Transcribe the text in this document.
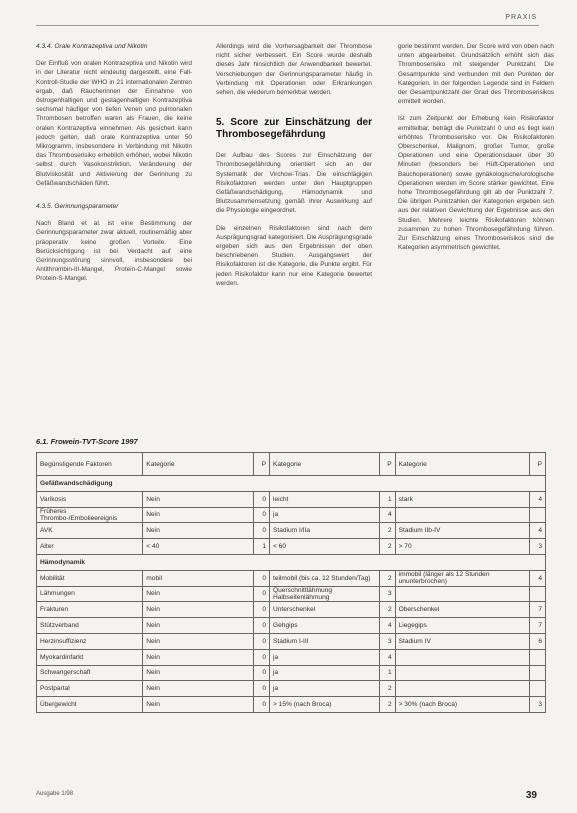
PRAXIS
4.3.4. Orale Kontrazeptiva und Nikotin

Der Einfluß von oralen Kontrazeptiva und Nikotin wird in der Literatur nicht eindeutig dargestellt, eine Fall-Kontroll-Studie der WHO in 21 internationalen Zentren ergab, daß Raucherinnen der Einnahme von östrogenhaltigen und gestagenhaltigen Kontrazeptiva sechsmal häufiger von tiefen Venen und pulmonalen Thrombosen betroffen waren als Frauen, die keine oralen Kontrazeptiva einnehmen. Als gesichert kann jedoch gelten, daß orale Kontrazeptiva unter 50 Mikrogramm, insbesondere in Verbindung mit Nikotin das Thromboserisiko erheblich erhöhen, wobei Nikotin selbst durch Vasokonstriktion, Veränderung der Blutviskosität und Aktivierung der Gerinnung zu Gefäßwandschäden führt.

4.3.5. Gerinnungsparameter

Nach Bland et al. ist eine Bestimmung der Gerinnungsparameter zwar aktuell, routinemäßig aber präoperativ keine großen Vorteile. Eine Berücksichtigung ist bei Verdacht auf eine Gerinnungsstörung sinnvoll, insbesondere bei Antithrombin-III-Mangel, Protein-C-Mangel sowie Protein-S-Mangel.

Allerdings wird die Vorhersagbarkeit der Thrombose nicht sicher verbessert. Ein Score wurde deshalb dieses Jahr hinsichtlich der Anwendbarkeit bewertet. Verschiebungen der Gerinnungsparameter häufig in Verbindung mit Operationen oder Erkrankungen sehen, die wiederum bemerkbar werden.

5. Score zur Einschätzung der Thrombosegefährdung

Der Aufbau des Scores zur Einschätzung der Thrombosegefährdung orientiert sich an der Systematik der Virchow-Trias. Die einschlägigen Risikofaktoren werden unter den Hauptgruppen Gefäßwandschädigung, Hämodynamik und Blutzusammensetzung gemäß ihrer Auswirkung auf die Physiologie eingeordnet.

Die einzelnen Risikofaktoren sind nach dem Ausprägungsgrad kategorisiert. Die Ausprägungsgrade ergeben sich aus den Ergebnissen der oben beschriebenen Studien. Ausgangswert der Risikofaktoren ist die Kategorie, die Punkte ergibt. Für jeden Risikofaktor kann nur eine Kategorie bewertet werden.

gorie bestimmt werden. Der Score wird von oben nach unten abgearbeitet. Grundsätzlich erhöht sich das Thromboserisiko mit steigender Punktzahl. Die Gesamtpunkte sind verbunden mit den Punkten der Kategorien. In der folgenden Legende sind in Feldern der Gesamtpunktzahl der Grad des Thromboserisikos ermittelt worden.

Ist zum Zeitpunkt der Erhebung kein Risikofaktor ermittelbar, beträgt die Punktzahl 0 und es liegt kein erhöhtes Thromboserisiko vor. Die Risikofaktoren Oberschenkel, Malignom, großer Tumor, große Operationen und eine Operationsdauer über 30 Minuten (besonders bei Hüft-Operationen und Bauchoperationen) sowie gynäkologische/urologische Operationen werden im Score stärker gewichtet. Eine hohe Thrombosegefährdung gilt ab der Punktzahl 7. Die übrigen Punktzahlen der Kategorien ergeben sich aus der relativen Gewichtung der Ergebnisse aus den Studien. Mehrere leichte Risikofaktoren können zusammen zu hohen Thrombosegefährdung führen. Zur Einschätzung eines Thromboserisikos sind die Kategorien asymmetrisch gewichtet.

6.1. Frowein-TVT-Score 1997
Begünstigende Faktoren	Kategorie	P	Kategorie	P	Kategorie	P
Gefäßwandschädigung						
Varikosis	Nein	0	leicht	1	stark	4
Früheres Thrombo-/Embolieereignis	Nein	0	ja	4		
AVK	Nein	0	Stadium I/IIa	2	Stadium IIb-IV	4
Alter	< 40	1	< 60	2	> 70	3
Hämodynamik						
Mobilität	mobil	0	teilmobil (bis ca. 12 Stunden/Tag)	2	immobil (länger als 12 Stunden ununterbrochen)	4
Lähmungen	Nein	0	Querschnittlähmung Halbseitenlähmung	3		
Frakturen	Nein	0	Unterschenkel	2	Oberschenkel	7
Stützverband	Nein	0	Gehgips	4	Liegegips	7
Herzinsuffizienz	Nein	0	Stadium I-III	3	Stadium IV	6
Myokardinfarkt	Nein	0	ja	4		
Schwangerschaft	Nein	0	ja	1		
Postpartal	Nein	0	ja	2		
Übergewicht	Nein	0	> 15% (nach Broca)	2	> 30% (nach Broca)	3
Ausgabe 1/98	39
